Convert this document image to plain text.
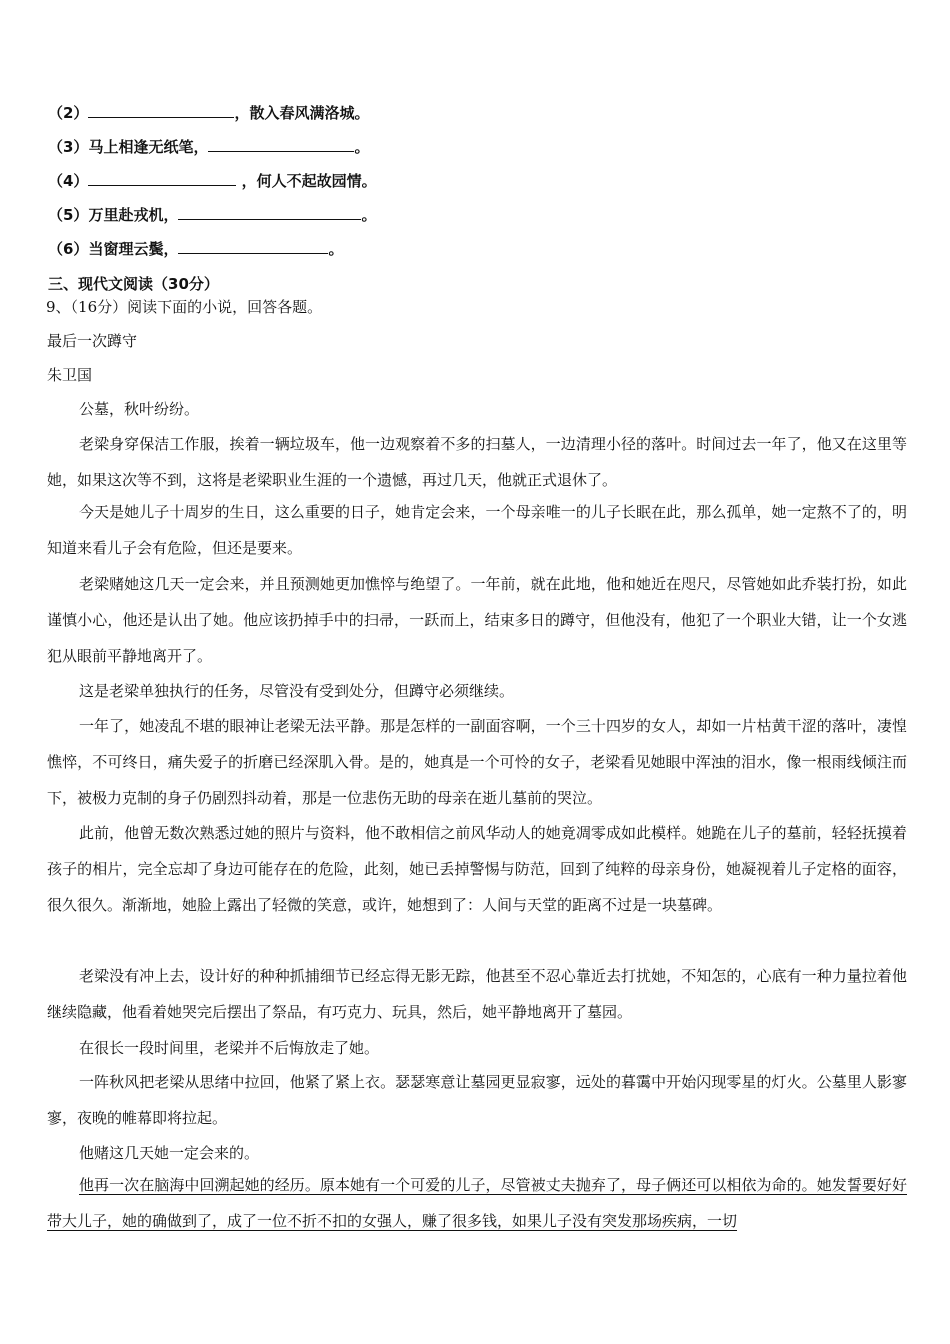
（2）	，散入春风满洛城。
（3）马上相逢无纸笔，	。
（4）	，何人不起故园情。
（5）万里赴戎机，	。
（6）当窗理云鬓，	。
三、现代文阅读（30分）
9、（16分）阅读下面的小说，回答各题。
最后一次蹲守
朱卫国

公墓，秋叶纷纷。

老梁身穿保洁工作服，挨着一辆垃圾车，他一边观察着不多的扫墓人，一边清理小径的落叶。时间过去一年了，他又在这里等她，如果这次等不到，这将是老梁职业生涯的一个遗憾，再过几天，他就正式退休了。

今天是她儿子十周岁的生日，这么重要的日子，她肯定会来，一个母亲唯一的儿子长眠在此，那么孤单，她一定熬不了的，明知道来看儿子会有危险，但还是要来。

老梁赌她这几天一定会来，并且预测她更加憔悴与绝望了。一年前，就在此地，他和她近在咫尺，尽管她如此乔装打扮，如此谨慎小心，他还是认出了她。他应该扔掉手中的扫帚，一跃而上，结束多日的蹲守，但他没有，他犯了一个职业大错，让一个女逃犯从眼前平静地离开了。

这是老梁单独执行的任务，尽管没有受到处分，但蹲守必须继续。

一年了，她凌乱不堪的眼神让老梁无法平静。那是怎样的一副面容啊，一个三十四岁的女人，却如一片枯黄干涩的落叶，凄惶憔悴，不可终日，痛失爱子的折磨已经深肌入骨。是的，她真是一个可怜的女子，老梁看见她眼中浑浊的泪水，像一根雨线倾注而下，被极力克制的身子仍剧烈抖动着，那是一位悲伤无助的母亲在逝儿墓前的哭泣。

此前，他曾无数次熟悉过她的照片与资料，他不敢相信之前风华动人的她竟凋零成如此模样。她跪在儿子的墓前，轻轻抚摸着孩子的相片，完全忘却了身边可能存在的危险，此刻，她已丢掉警惕与防范，回到了纯粹的母亲身份，她凝视着儿子定格的面容，很久很久。渐渐地，她脸上露出了轻微的笑意，或许，她想到了：人间与天堂的距离不过是一块墓碑。

老梁没有冲上去，设计好的种种抓捕细节已经忘得无影无踪，他甚至不忍心靠近去打扰她，不知怎的，心底有一种力量拉着他继续隐藏，他看着她哭完后摆出了祭品，有巧克力、玩具，然后，她平静地离开了墓园。

在很长一段时间里，老梁并不后悔放走了她。

一阵秋风把老梁从思绪中拉回，他紧了紧上衣。瑟瑟寒意让墓园更显寂寥，远处的暮霭中开始闪现零星的灯火。公墓里人影寥寥，夜晚的帷幕即将拉起。

他赌这几天她一定会来的。

他再一次在脑海中回溯起她的经历。原本她有一个可爱的儿子，尽管被丈夫抛弃了，母子俩还可以相依为命的。她发誓要好好带大儿子，她的确做到了，成了一位不折不扣的女强人，赚了很多钱，如果儿子没有突发那场疾病，一切
